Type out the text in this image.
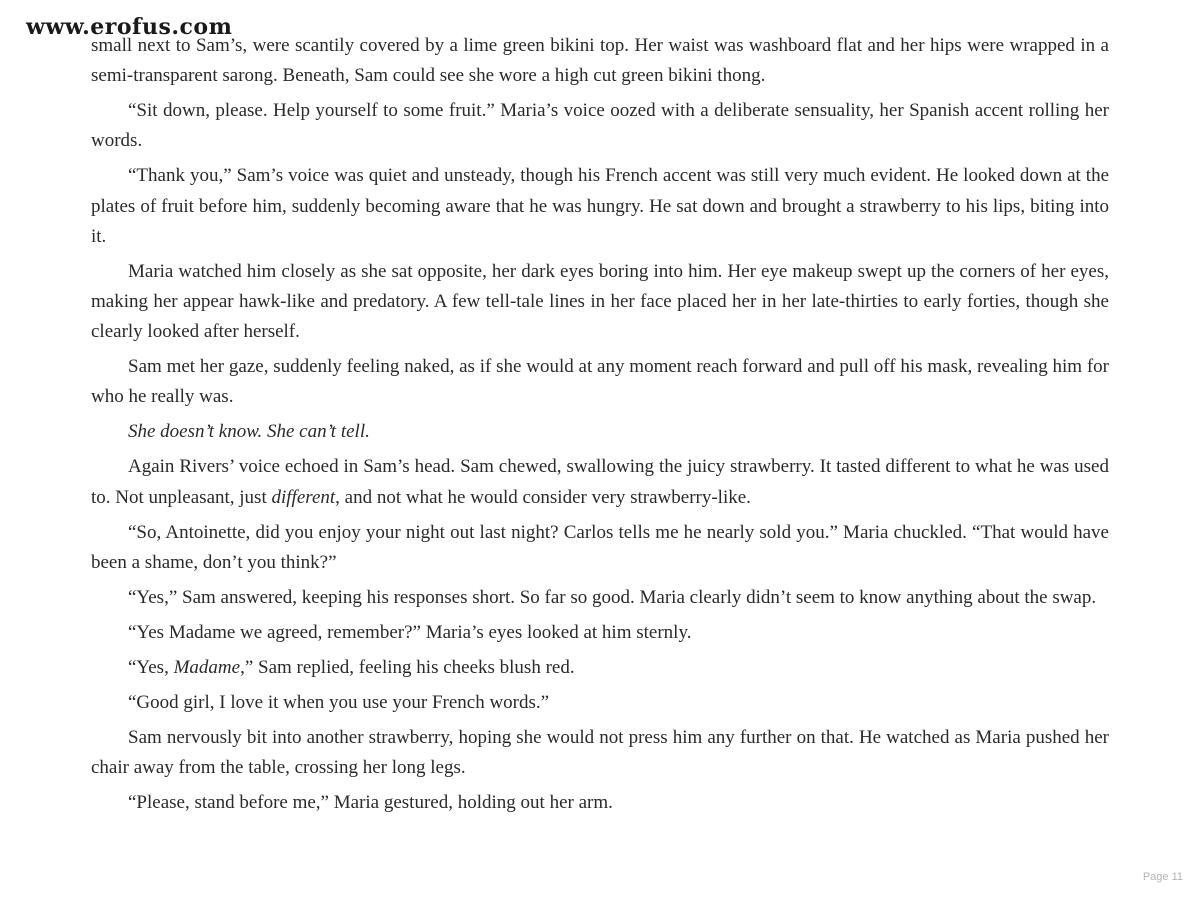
www.erofus.com

small next to Sam’s, were scantily covered by a lime green bikini top. Her waist was washboard flat and her hips were wrapped in a semi-transparent sarong. Beneath, Sam could see she wore a high cut green bikini thong.

“Sit down, please. Help yourself to some fruit.” Maria’s voice oozed with a deliberate sensuality, her Spanish accent rolling her words.

“Thank you,” Sam’s voice was quiet and unsteady, though his French accent was still very much evident. He looked down at the plates of fruit before him, suddenly becoming aware that he was hungry. He sat down and brought a strawberry to his lips, biting into it.

Maria watched him closely as she sat opposite, her dark eyes boring into him. Her eye makeup swept up the corners of her eyes, making her appear hawk-like and predatory. A few tell-tale lines in her face placed her in her late-thirties to early forties, though she clearly looked after herself.

Sam met her gaze, suddenly feeling naked, as if she would at any moment reach forward and pull off his mask, revealing him for who he really was.

She doesn’t know. She can’t tell.

Again Rivers’ voice echoed in Sam’s head. Sam chewed, swallowing the juicy strawberry. It tasted different to what he was used to. Not unpleasant, just different, and not what he would consider very strawberry-like.

“So, Antoinette, did you enjoy your night out last night? Carlos tells me he nearly sold you.” Maria chuckled. “That would have been a shame, don’t you think?”

“Yes,” Sam answered, keeping his responses short. So far so good. Maria clearly didn’t seem to know anything about the swap.

“Yes Madame we agreed, remember?” Maria’s eyes looked at him sternly.

“Yes, Madame,” Sam replied, feeling his cheeks blush red.

“Good girl, I love it when you use your French words.”

Sam nervously bit into another strawberry, hoping she would not press him any further on that. He watched as Maria pushed her chair away from the table, crossing her long legs.

“Please, stand before me,” Maria gestured, holding out her arm.

Page 11
